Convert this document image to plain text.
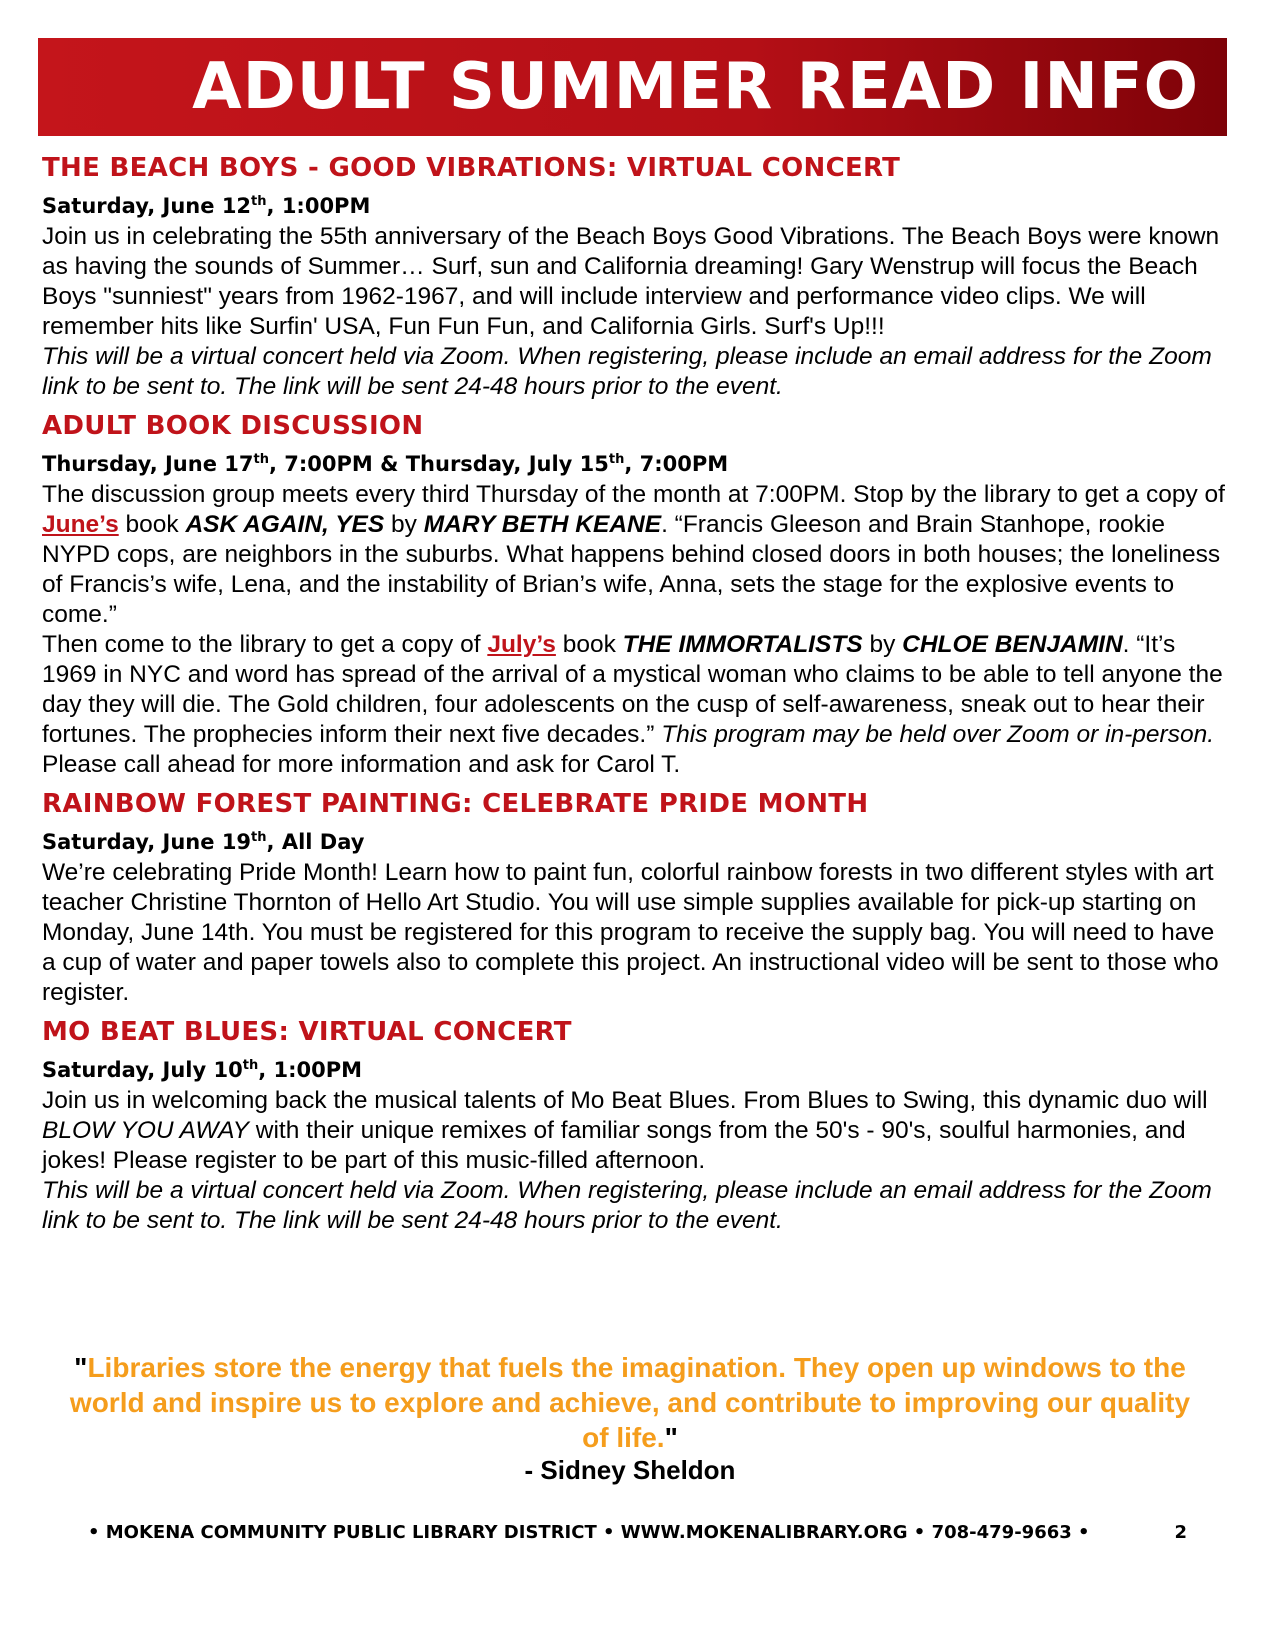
ADULT SUMMER READ INFO
THE BEACH BOYS - GOOD VIBRATIONS: VIRTUAL CONCERT
Saturday, June 12th, 1:00PM

Join us in celebrating the 55th anniversary of the Beach Boys Good Vibrations. The Beach Boys were known as having the sounds of Summer… Surf, sun and California dreaming! Gary Wenstrup will focus the Beach Boys "sunniest" years from 1962-1967, and will include interview and performance video clips. We will remember hits like Surfin' USA, Fun Fun Fun, and California Girls. Surf's Up!!!

This will be a virtual concert held via Zoom. When registering, please include an email address for the Zoom link to be sent to. The link will be sent 24-48 hours prior to the event.

ADULT BOOK DISCUSSION
Thursday, June 17th, 7:00PM & Thursday, July 15th, 7:00PM

The discussion group meets every third Thursday of the month at 7:00PM. Stop by the library to get a copy of June’s book ASK AGAIN, YES by MARY BETH KEANE. “Francis Gleeson and Brain Stanhope, rookie NYPD cops, are neighbors in the suburbs. What happens behind closed doors in both houses; the loneliness of Francis’s wife, Lena, and the instability of Brian’s wife, Anna, sets the stage for the explosive events to come.”

Then come to the library to get a copy of July’s book THE IMMORTALISTS by CHLOE BENJAMIN. “It’s 1969 in NYC and word has spread of the arrival of a mystical woman who claims to be able to tell anyone the day they will die. The Gold children, four adolescents on the cusp of self-awareness, sneak out to hear their fortunes. The prophecies inform their next five decades.” This program may be held over Zoom or in-person. Please call ahead for more information and ask for Carol T.

RAINBOW FOREST PAINTING: CELEBRATE PRIDE MONTH
Saturday, June 19th, All Day

We’re celebrating Pride Month! Learn how to paint fun, colorful rainbow forests in two different styles with art teacher Christine Thornton of Hello Art Studio. You will use simple supplies available for pick-up starting on Monday, June 14th. You must be registered for this program to receive the supply bag. You will need to have a cup of water and paper towels also to complete this project. An instructional video will be sent to those who register.

MO BEAT BLUES: VIRTUAL CONCERT
Saturday, July 10th, 1:00PM

Join us in welcoming back the musical talents of Mo Beat Blues. From Blues to Swing, this dynamic duo will BLOW YOU AWAY with their unique remixes of familiar songs from the 50's - 90's, soulful harmonies, and jokes! Please register to be part of this music-filled afternoon.

This will be a virtual concert held via Zoom. When registering, please include an email address for the Zoom link to be sent to. The link will be sent 24-48 hours prior to the event.

"Libraries store the energy that fuels the imagination. They open up windows to the world and inspire us to explore and achieve, and contribute to improving our quality of life."
- Sidney Sheldon
• MOKENA COMMUNITY PUBLIC LIBRARY DISTRICT • WWW.MOKENALIBRARY.ORG • 708-479-9663 •	2
